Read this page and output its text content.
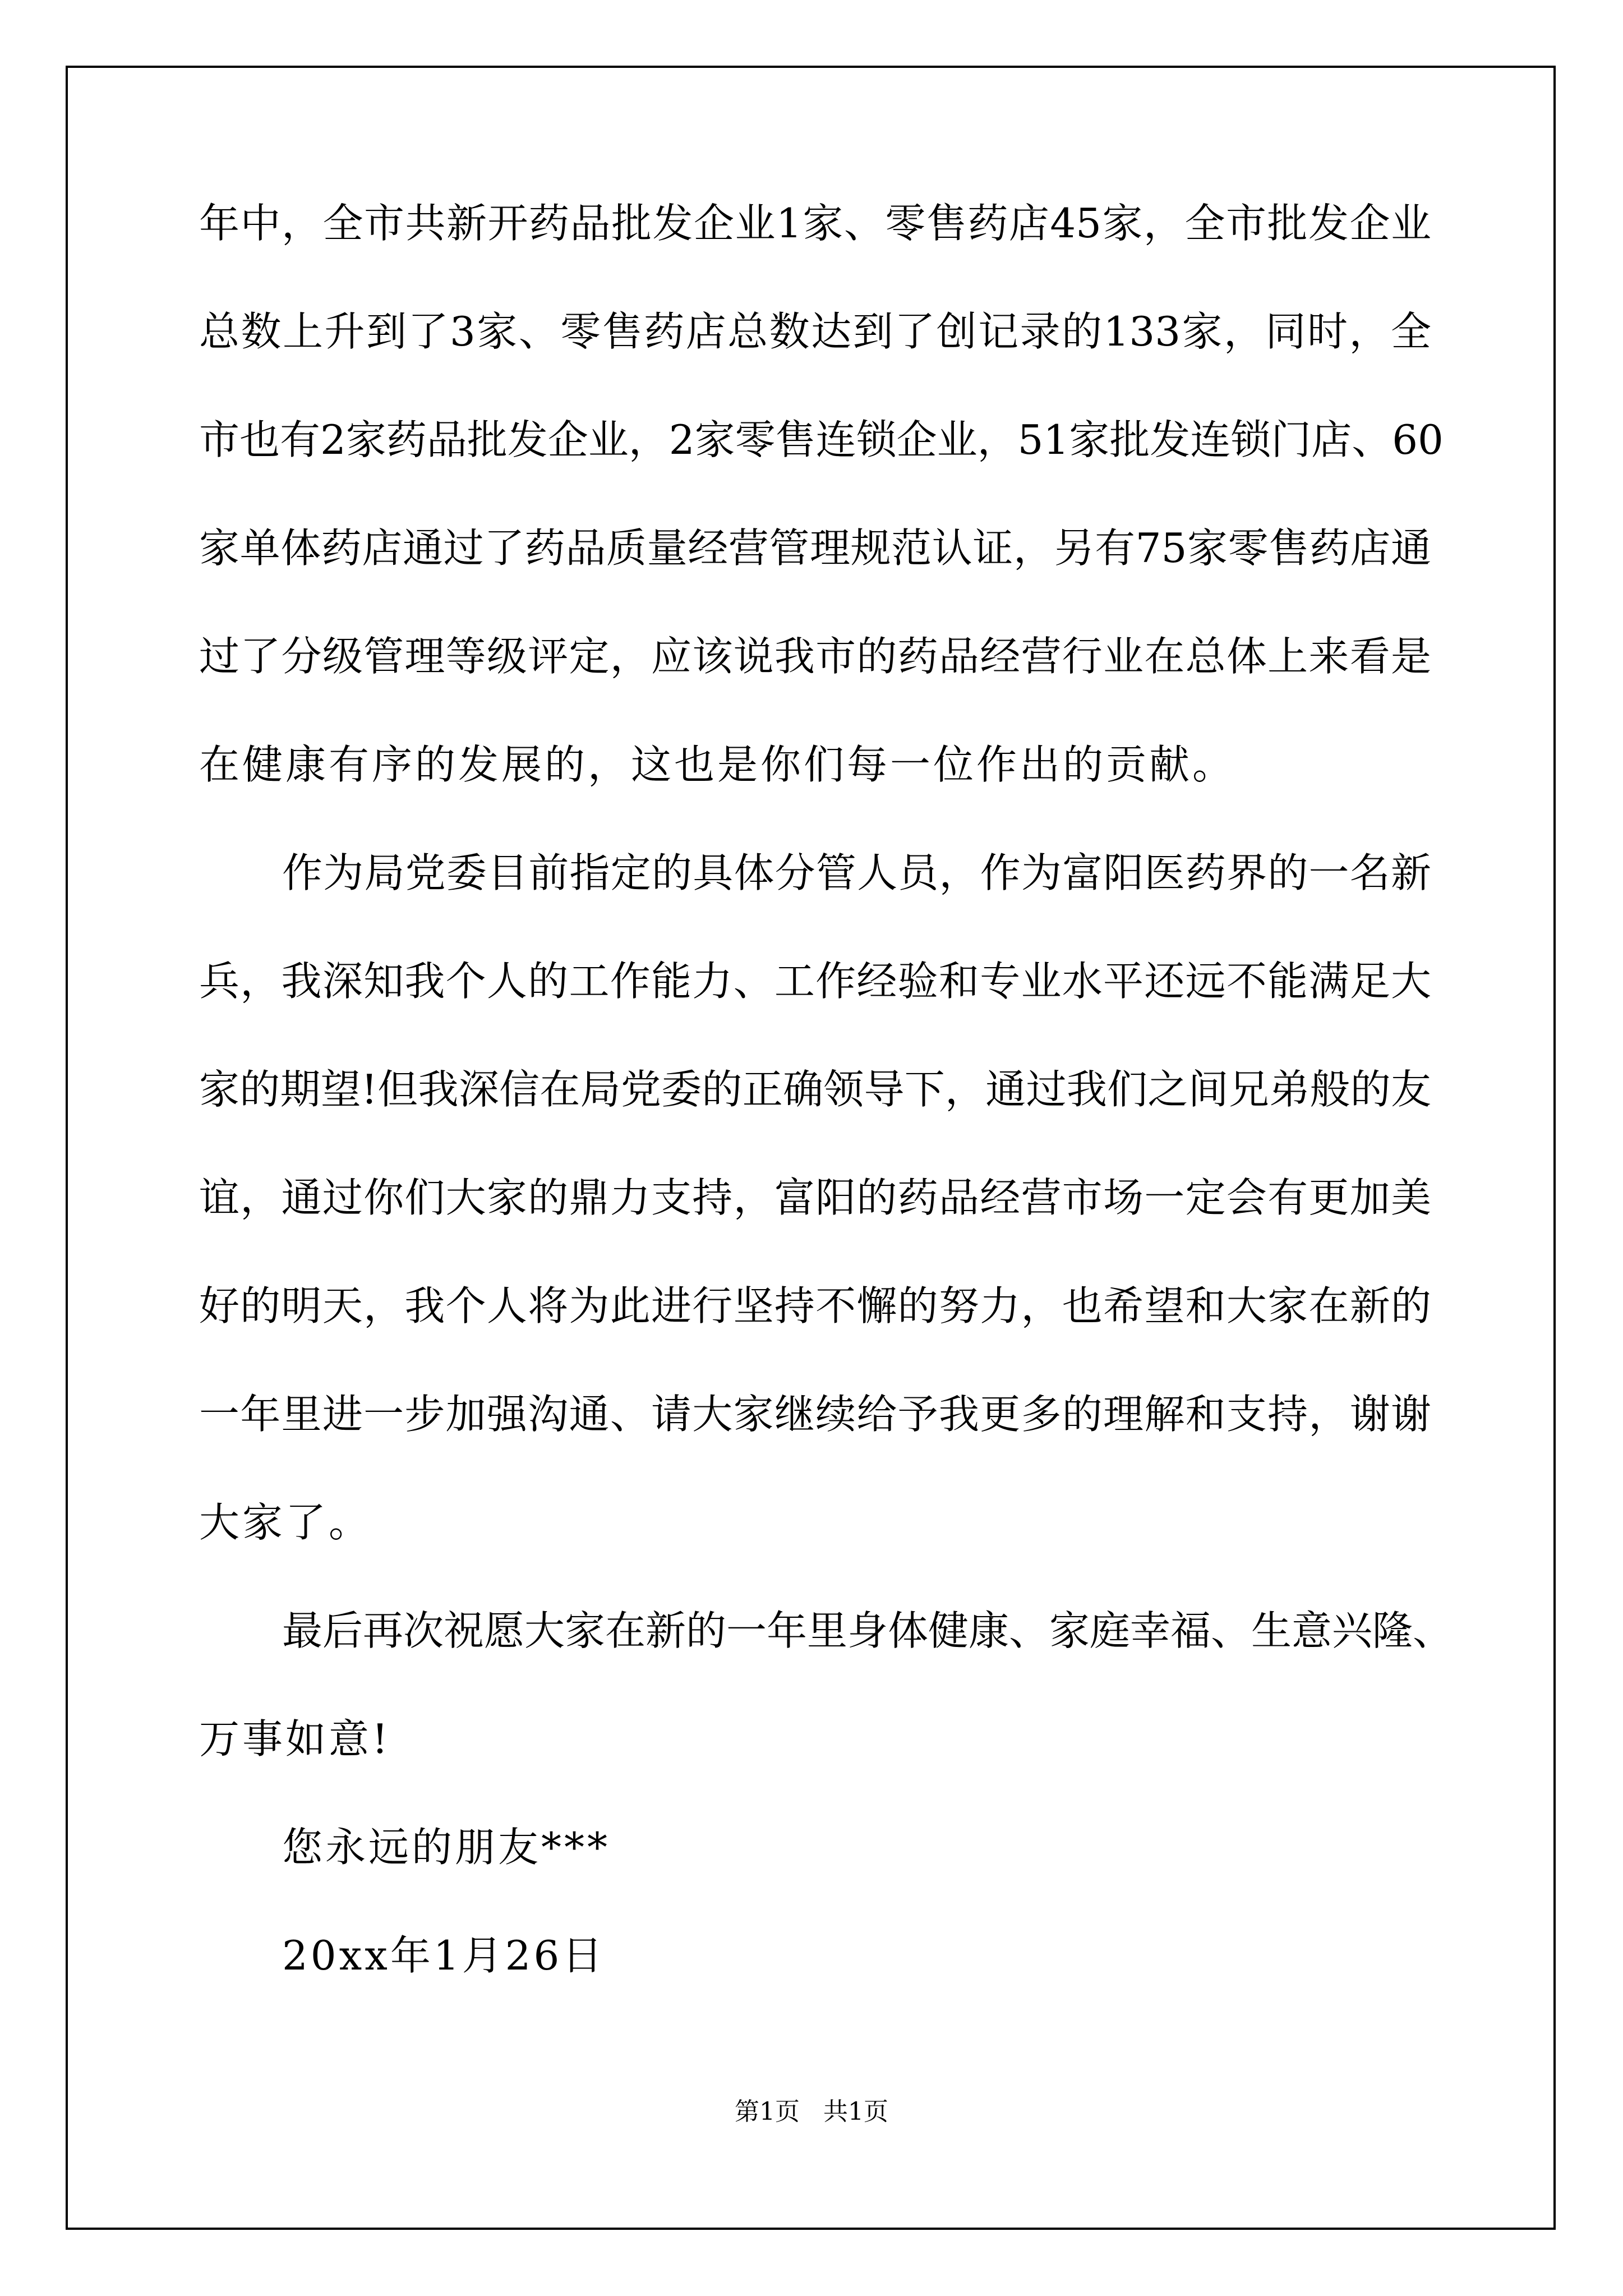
年中，全市共新开药品批发企业1家、零售药店45家，全市批发企业
总数上升到了3家、零售药店总数达到了创记录的133家，同时，全
市也有2家药品批发企业，2家零售连锁企业，51家批发连锁门店、60
家单体药店通过了药品质量经营管理规范认证，另有75家零售药店通
过了分级管理等级评定，应该说我市的药品经营行业在总体上来看是
在健康有序的发展的，这也是你们每一位作出的贡献。
作为局党委目前指定的具体分管人员，作为富阳医药界的一名新
兵，我深知我个人的工作能力、工作经验和专业水平还远不能满足大
家的期望!但我深信在局党委的正确领导下，通过我们之间兄弟般的友
谊，通过你们大家的鼎力支持，富阳的药品经营市场一定会有更加美
好的明天，我个人将为此进行坚持不懈的努力，也希望和大家在新的
一年里进一步加强沟通、请大家继续给予我更多的理解和支持，谢谢
大家了。
最后再次祝愿大家在新的一年里身体健康、家庭幸福、生意兴隆、
万事如意!
您永远的朋友***
20xx年1月26日
第1页   共1页
